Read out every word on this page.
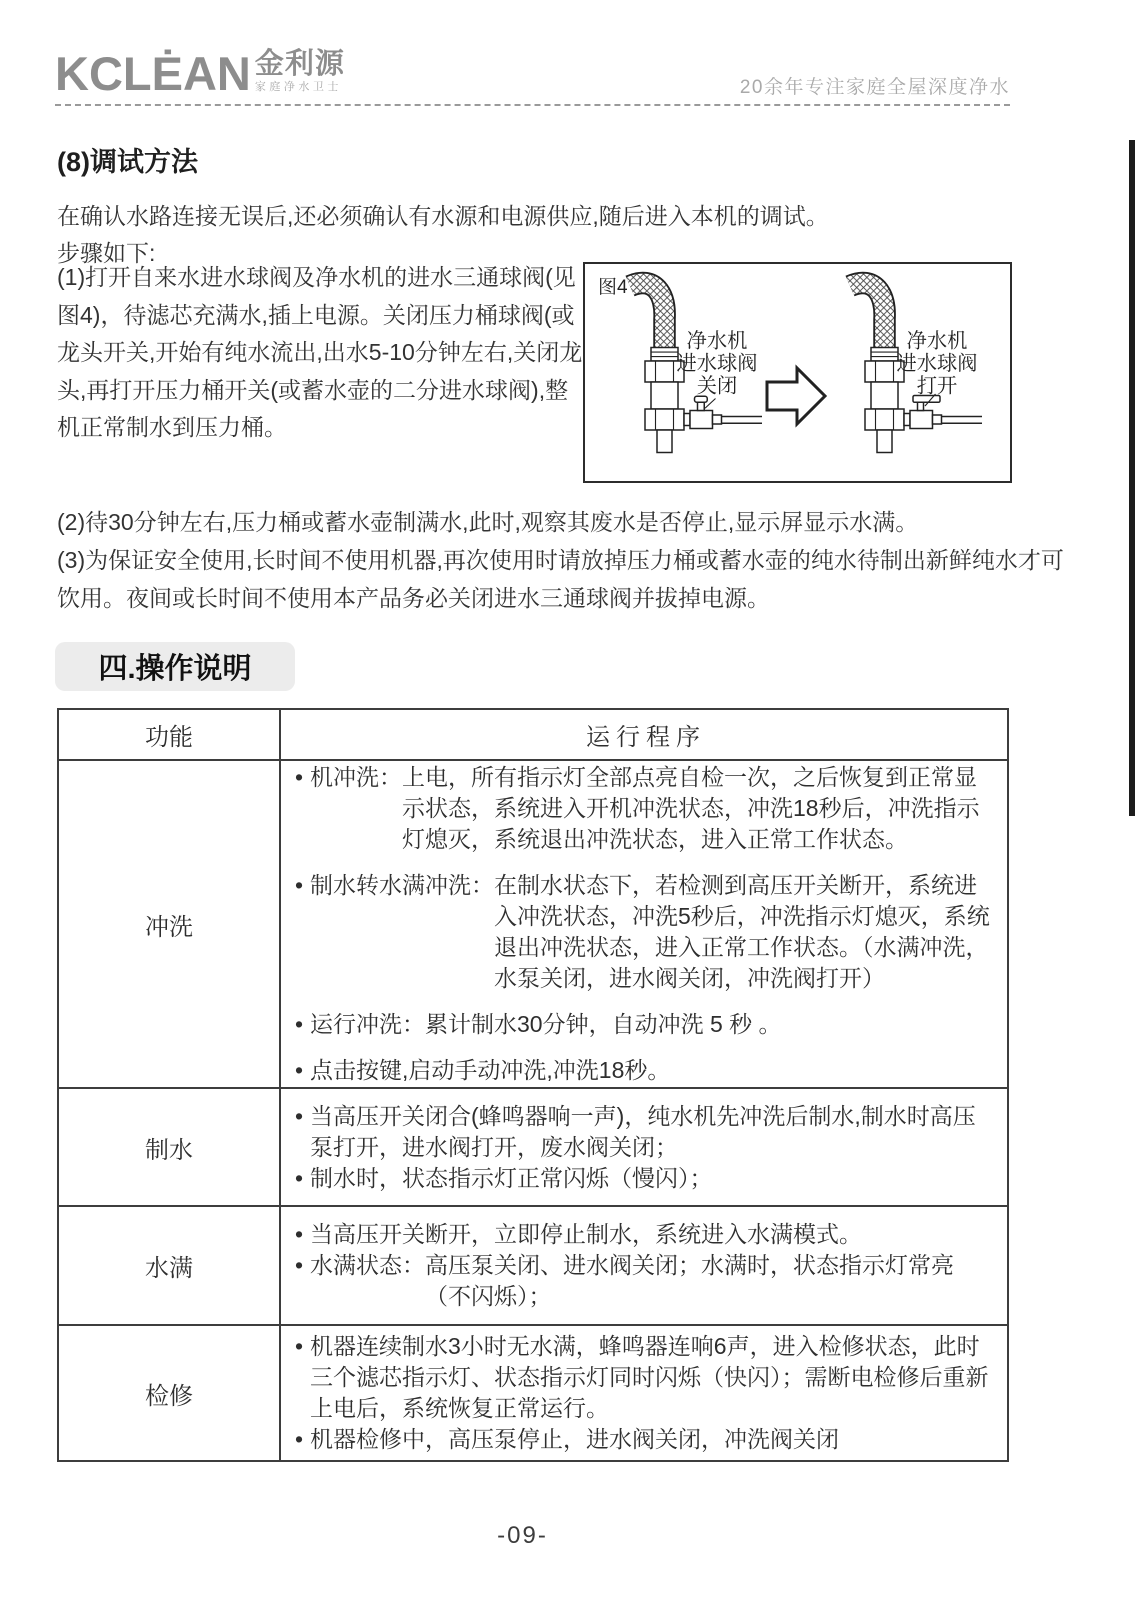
KCLĖAN 金利源
家庭净水卫士	20余年专注家庭全屋深度净水
(8)调试方法
在确认水路连接无误后,还必须确认有水源和电源供应,随后进入本机的调试。
步骤如下:
(1)打开自来水进水球阀及净水机的进水三通球阀(见图4)，待滤芯充满水,插上电源。关闭压力桶球阀(或龙头开关,开始有纯水流出,出水5-10分钟左右,关闭龙头,再打开压力桶开关(或蓄水壶的二分进水球阀),整机正常制水到压力桶。
(2)待30分钟左右,压力桶或蓄水壶制满水,此时,观察其废水是否停止,显示屏显示水满。
(3)为保证安全使用,长时间不使用机器,再次使用时请放掉压力桶或蓄水壶的纯水待制出新鲜纯水才可饮用。夜间或长时间不使用本产品务必关闭进水三通球阀并拔掉电源。
图4
净水机
进水球阀
关闭
净水机
进水球阀
打开
四.操作说明
功能	运行程序
冲洗
• 机冲洗： 上电，所有指示灯全部点亮自检一次，之后恢复到正常显示状态，系统进入开机冲洗状态，冲洗18秒后，冲洗指示灯熄灭，系统退出冲洗状态，进入正常工作状态。
• 制水转水满冲洗： 在制水状态下，若检测到高压开关断开，系统进入冲洗状态，冲洗5秒后，冲洗指示灯熄灭，系统退出冲洗状态，进入正常工作状态。（水满冲洗，水泵关闭，进水阀关闭，冲洗阀打开）
• 运行冲洗： 累计制水30分钟，自动冲洗 5 秒 。
• 点击按键,启动手动冲洗,冲洗18秒。
制水
• 当高压开关闭合(蜂鸣器响一声)，纯水机先冲洗后制水,制水时高压泵打开，进水阀打开，废水阀关闭；
• 制水时，状态指示灯正常闪烁（慢闪）；
水满
• 当高压开关断开，立即停止制水，系统进入水满模式。
• 水满状态： 高压泵关闭、进水阀关闭；水满时，状态指示灯常亮（不闪烁）；
检修
• 机器连续制水3小时无水满，蜂鸣器连响6声，进入检修状态，此时三个滤芯指示灯、状态指示灯同时闪烁（快闪）；需断电检修后重新上电后，系统恢复正常运行。
• 机器检修中，高压泵停止，进水阀关闭，冲洗阀关闭
-09-
